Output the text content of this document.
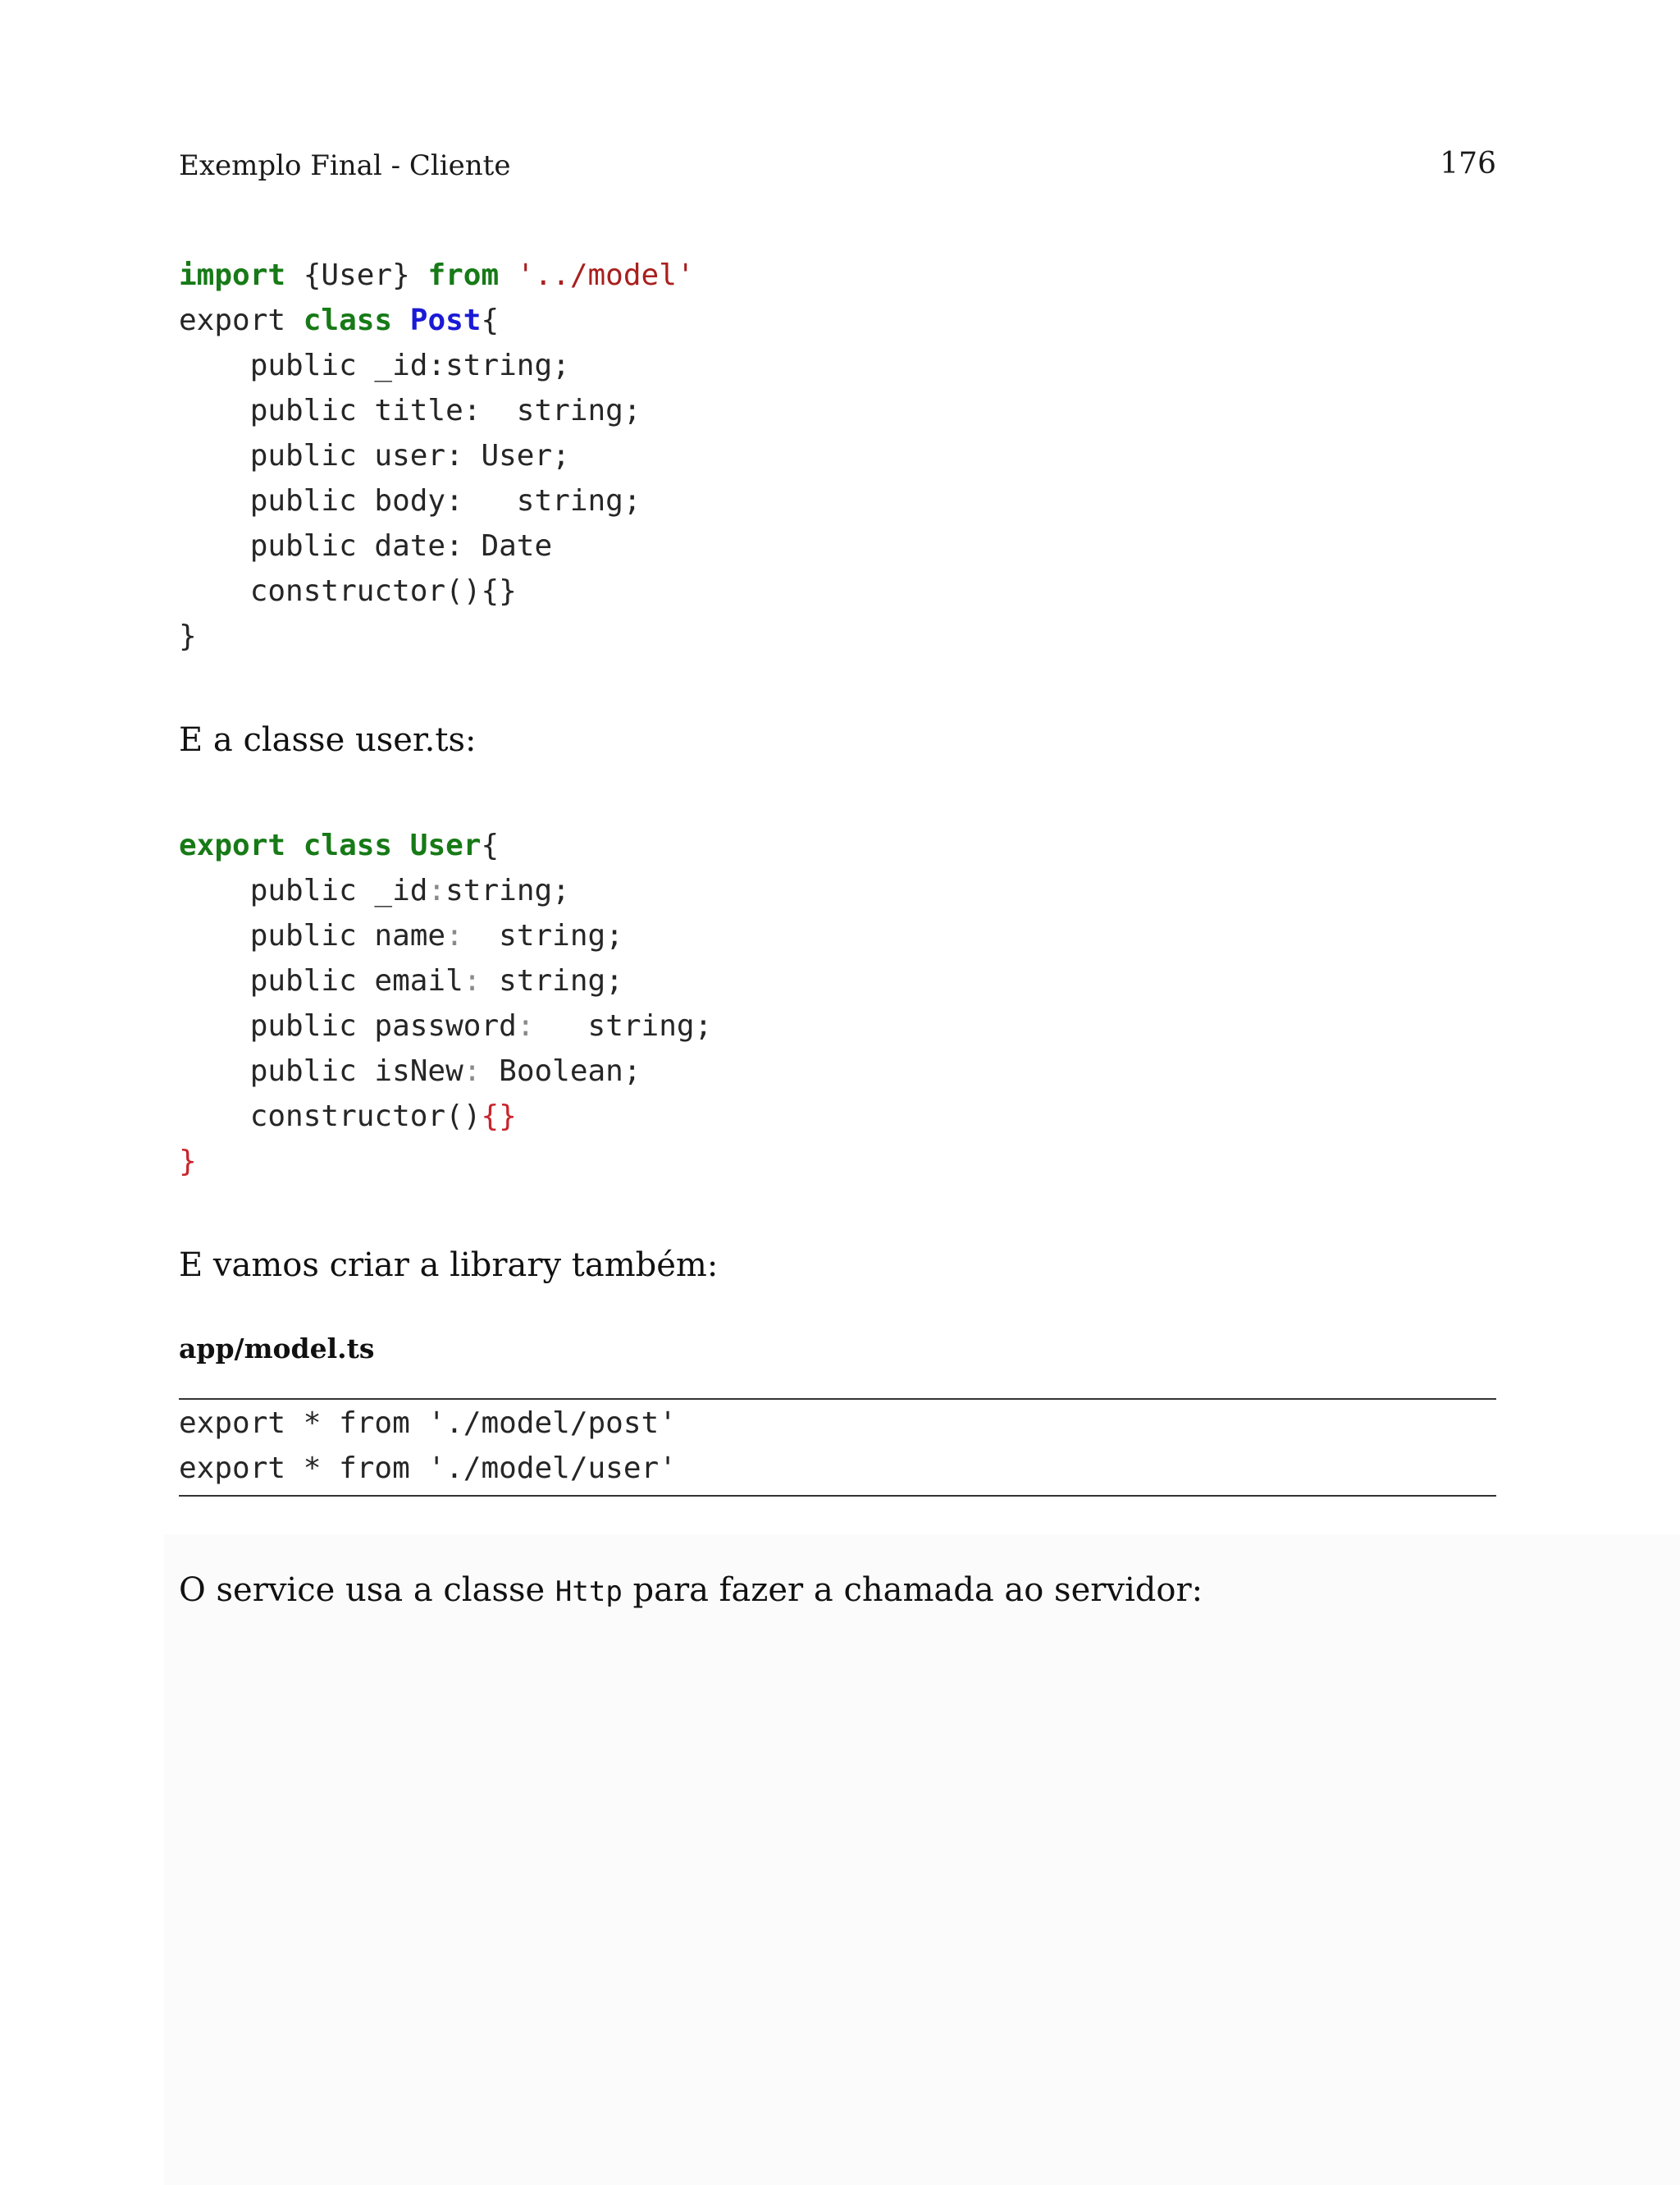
Exemplo Final - Cliente	176
import {User} from '../model'
export class Post{
public _id:string;
public title:  string;
public user: User;
public body:   string;
public date: Date
constructor(){}
}
E a classe user.ts:
export class User{
public _id:string;
public name:  string;
public email: string;
public password:   string;
public isNew: Boolean;
constructor(){}
}
E vamos criar a library também:
app/model.ts
export * from './model/post'
export * from './model/user'
O service usa a classe Http para fazer a chamada ao servidor:
